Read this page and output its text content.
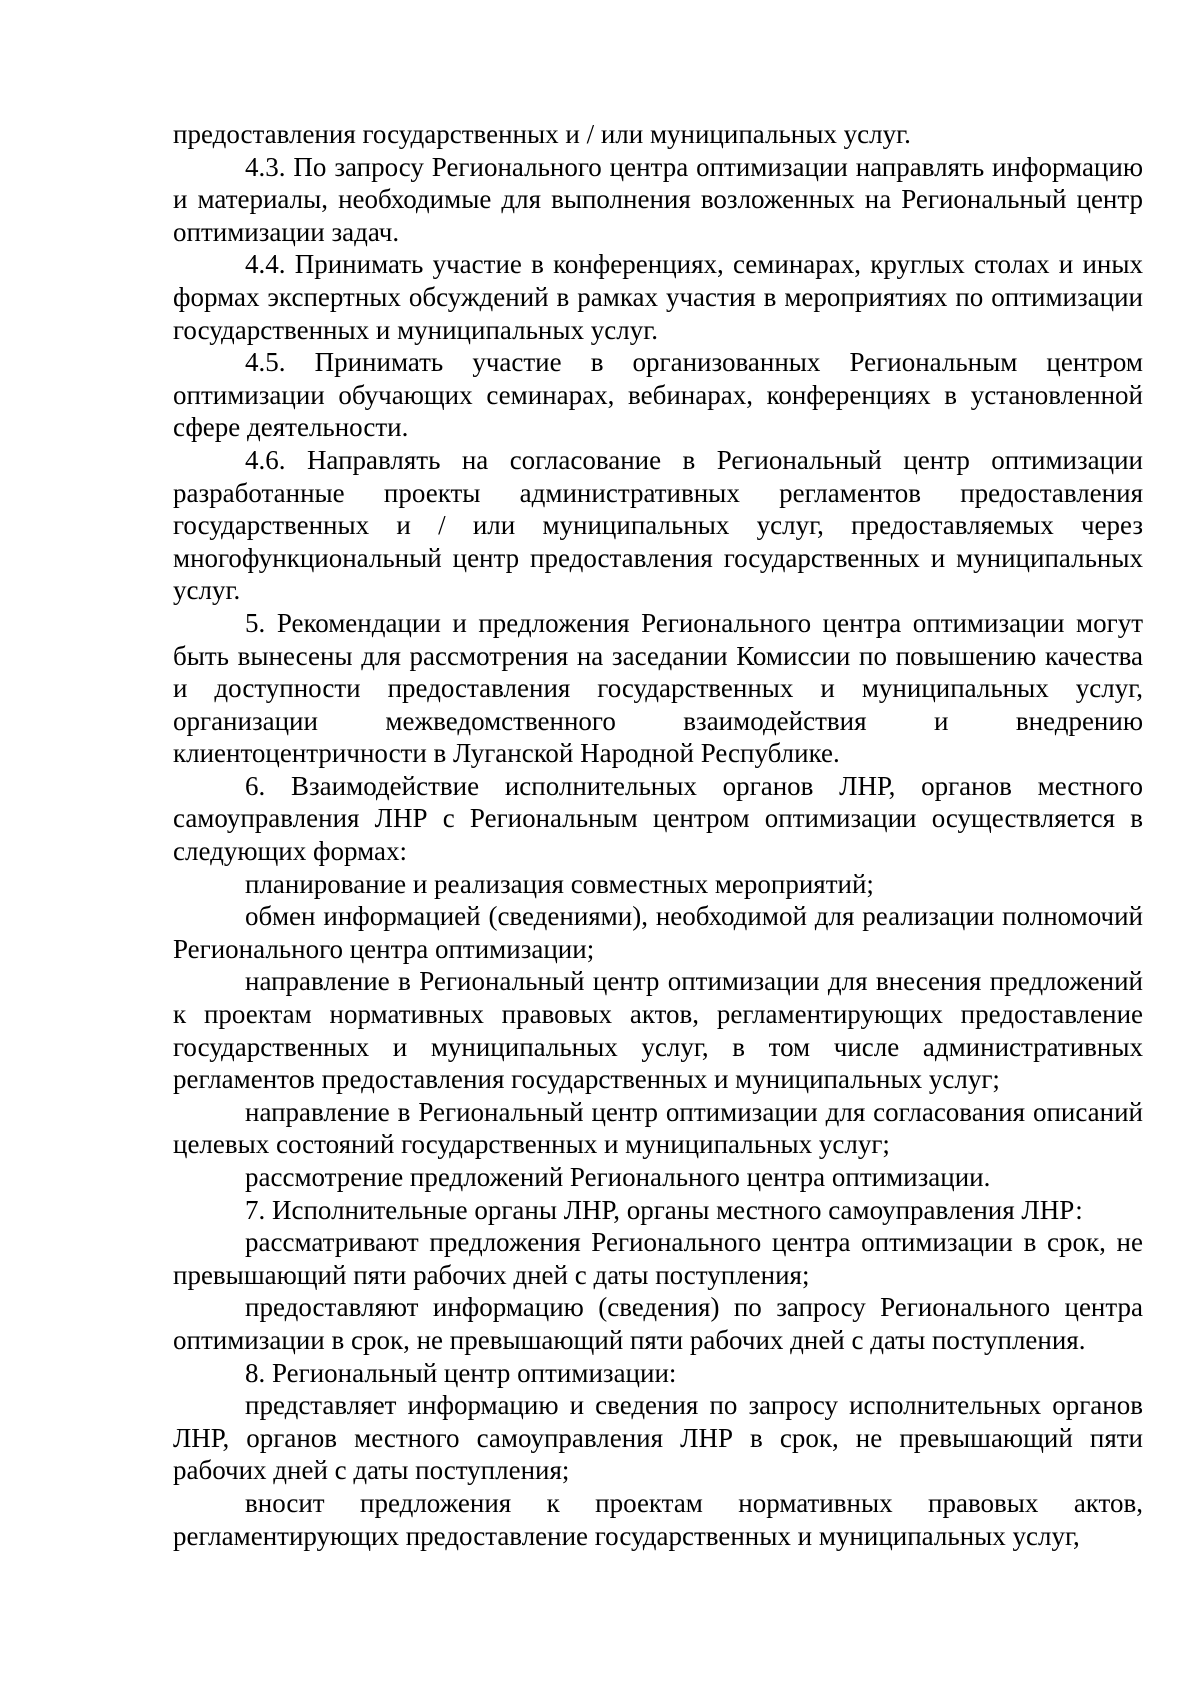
предоставления государственных и / или муниципальных услуг.

4.3. По запросу Регионального центра оптимизации направлять информацию и материалы, необходимые для выполнения возложенных на Региональный центр оптимизации задач.

4.4. Принимать участие в конференциях, семинарах, круглых столах и иных формах экспертных обсуждений в рамках участия в мероприятиях по оптимизации государственных и муниципальных услуг.

4.5. Принимать участие в организованных Региональным центром оптимизации обучающих семинарах, вебинарах, конференциях в установленной сфере деятельности.

4.6. Направлять на согласование в Региональный центр оптимизации разработанные проекты административных регламентов предоставления государственных и / или муниципальных услуг, предоставляемых через многофункциональный центр предоставления государственных и муниципальных услуг.

5. Рекомендации и предложения Регионального центра оптимизации могут быть вынесены для рассмотрения на заседании Комиссии по повышению качества и доступности предоставления государственных и муниципальных услуг, организации межведомственного взаимодействия и внедрению клиентоцентричности в Луганской Народной Республике.

6. Взаимодействие исполнительных органов ЛНР, органов местного самоуправления ЛНР с Региональным центром оптимизации осуществляется в следующих формах:

планирование и реализация совместных мероприятий;

обмен информацией (сведениями), необходимой для реализации полномочий Регионального центра оптимизации;

направление в Региональный центр оптимизации для внесения предложений к проектам нормативных правовых актов, регламентирующих предоставление государственных и муниципальных услуг, в том числе административных регламентов предоставления государственных и муниципальных услуг;

направление в Региональный центр оптимизации для согласования описаний целевых состояний государственных и муниципальных услуг;

рассмотрение предложений Регионального центра оптимизации.

7. Исполнительные органы ЛНР, органы местного самоуправления ЛНР:

рассматривают предложения Регионального центра оптимизации в срок, не превышающий пяти рабочих дней с даты поступления;

предоставляют информацию (сведения) по запросу Регионального центра оптимизации в срок, не превышающий пяти рабочих дней с даты поступления.

8. Региональный центр оптимизации:

представляет информацию и сведения по запросу исполнительных органов ЛНР, органов местного самоуправления ЛНР в срок, не превышающий пяти рабочих дней с даты поступления;

вносит предложения к проектам нормативных правовых актов, регламентирующих предоставление государственных и муниципальных услуг,
